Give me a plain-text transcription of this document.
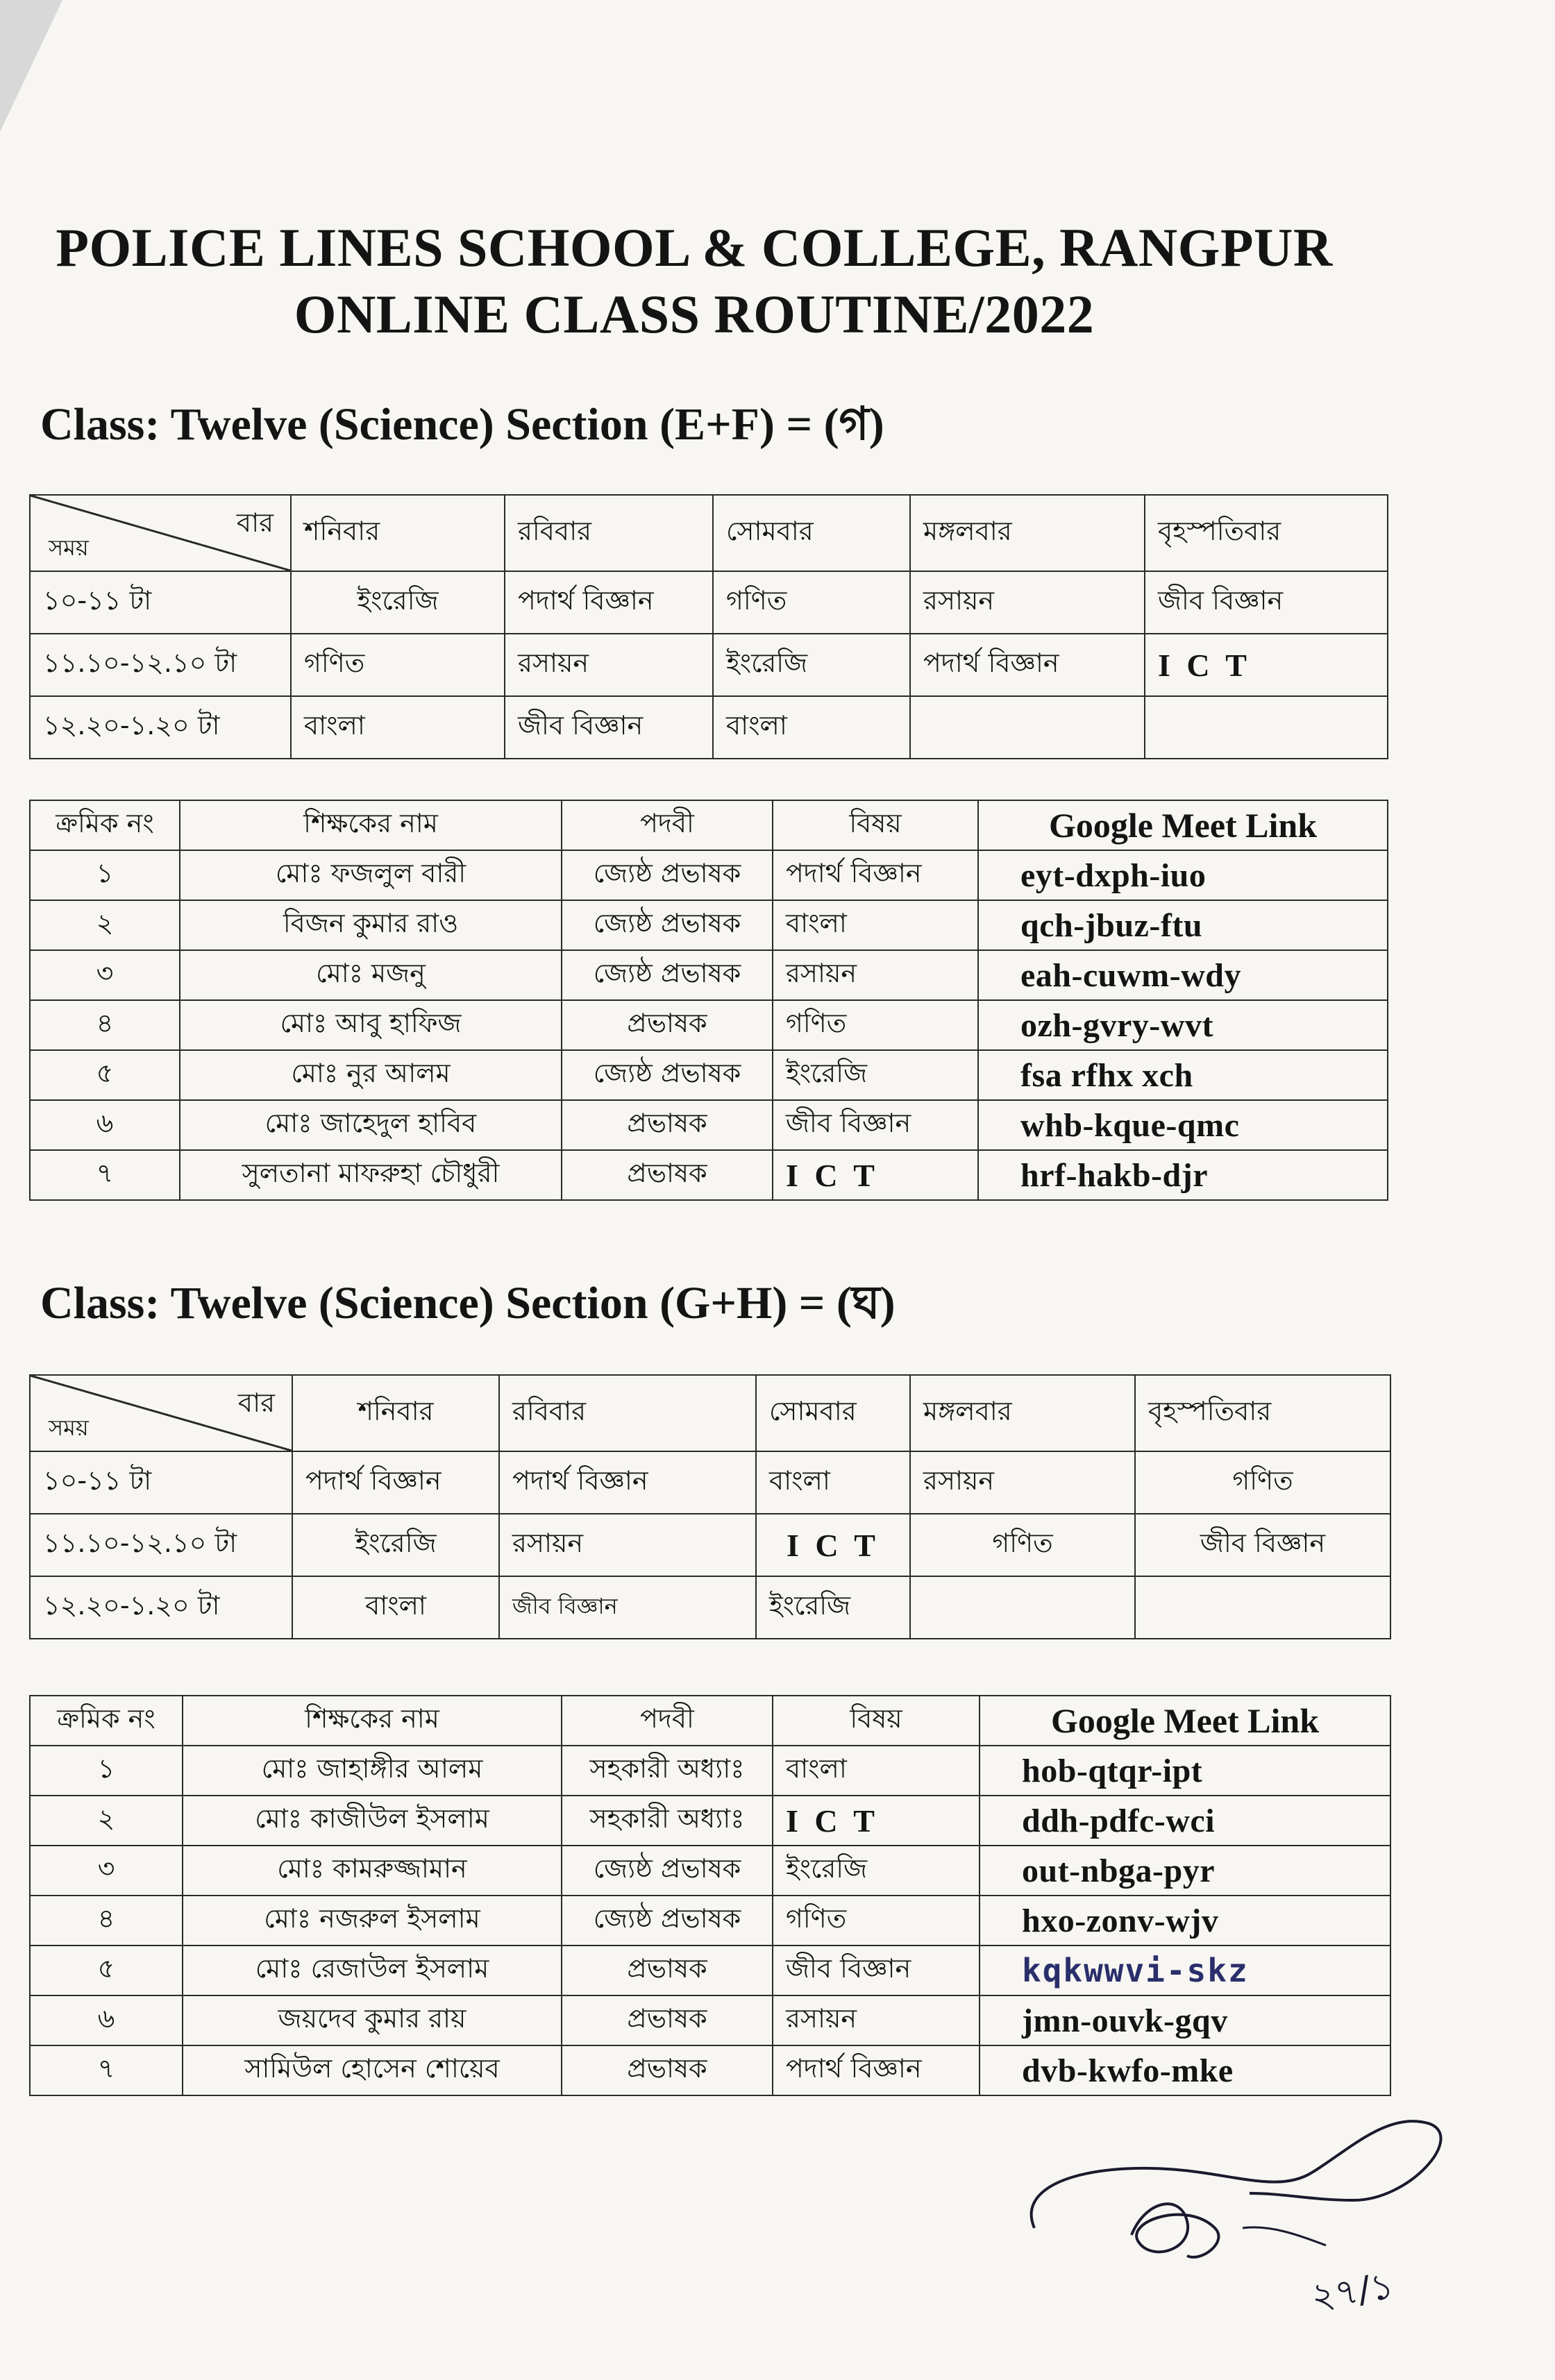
POLICE LINES SCHOOL & COLLEGE, RANGPUR
ONLINE CLASS ROUTINE/2022
Class: Twelve (Science) Section (E+F) = (গ)
বার
সময়	শনিবার	রবিবার	সোমবার	মঙ্গলবার	বৃহস্পতিবার
১০-১১ টা	ইংরেজি	পদার্থ বিজ্ঞান	গণিত	রসায়ন	জীব বিজ্ঞান
১১.১০-১২.১০ টা	গণিত	রসায়ন	ইংরেজি	পদার্থ বিজ্ঞান	I C T
১২.২০-১.২০ টা	বাংলা	জীব বিজ্ঞান	বাংলা		
ক্রমিক নং	শিক্ষকের নাম	পদবী	বিষয়	Google Meet Link
১	মোঃ ফজলুল বারী	জ্যেষ্ঠ প্রভাষক	পদার্থ বিজ্ঞান	eyt-dxph-iuo
২	বিজন কুমার রাও	জ্যেষ্ঠ প্রভাষক	বাংলা	qch-jbuz-ftu
৩	মোঃ মজনু	জ্যেষ্ঠ প্রভাষক	রসায়ন	eah-cuwm-wdy
৪	মোঃ আবু হাফিজ	প্রভাষক	গণিত	ozh-gvry-wvt
৫	মোঃ নুর আলম	জ্যেষ্ঠ প্রভাষক	ইংরেজি	fsa rfhx xch
৬	মোঃ জাহেদুল হাবিব	প্রভাষক	জীব বিজ্ঞান	whb-kque-qmc
৭	সুলতানা মাফরুহা চৌধুরী	প্রভাষক	I C T	hrf-hakb-djr
Class: Twelve (Science) Section (G+H) = (ঘ)
বার
সময়	শনিবার	রবিবার	সোমবার	মঙ্গলবার	বৃহস্পতিবার
১০-১১ টা	পদার্থ বিজ্ঞান	পদার্থ বিজ্ঞান	বাংলা	রসায়ন	গণিত
১১.১০-১২.১০ টা	ইংরেজি	রসায়ন	I C T	গণিত	জীব বিজ্ঞান
১২.২০-১.২০ টা	বাংলা	জীব বিজ্ঞান	ইংরেজি		
ক্রমিক নং	শিক্ষকের নাম	পদবী	বিষয়	Google Meet Link
১	মোঃ জাহাঙ্গীর আলম	সহকারী অধ্যাঃ	বাংলা	hob-qtqr-ipt
২	মোঃ কাজীউল ইসলাম	সহকারী অধ্যাঃ	I C T	ddh-pdfc-wci
৩	মোঃ কামরুজ্জামান	জ্যেষ্ঠ প্রভাষক	ইংরেজি	out-nbga-pyr
৪	মোঃ নজরুল ইসলাম	জ্যেষ্ঠ প্রভাষক	গণিত	hxo-zonv-wjv
৫	মোঃ রেজাউল ইসলাম	প্রভাষক	জীব বিজ্ঞান	kqkwwvi-skz
৬	জয়দেব কুমার রায়	প্রভাষক	রসায়ন	jmn-ouvk-gqv
৭	সামিউল হোসেন শোয়েব	প্রভাষক	পদার্থ বিজ্ঞান	dvb-kwfo-mke
২৭/১
